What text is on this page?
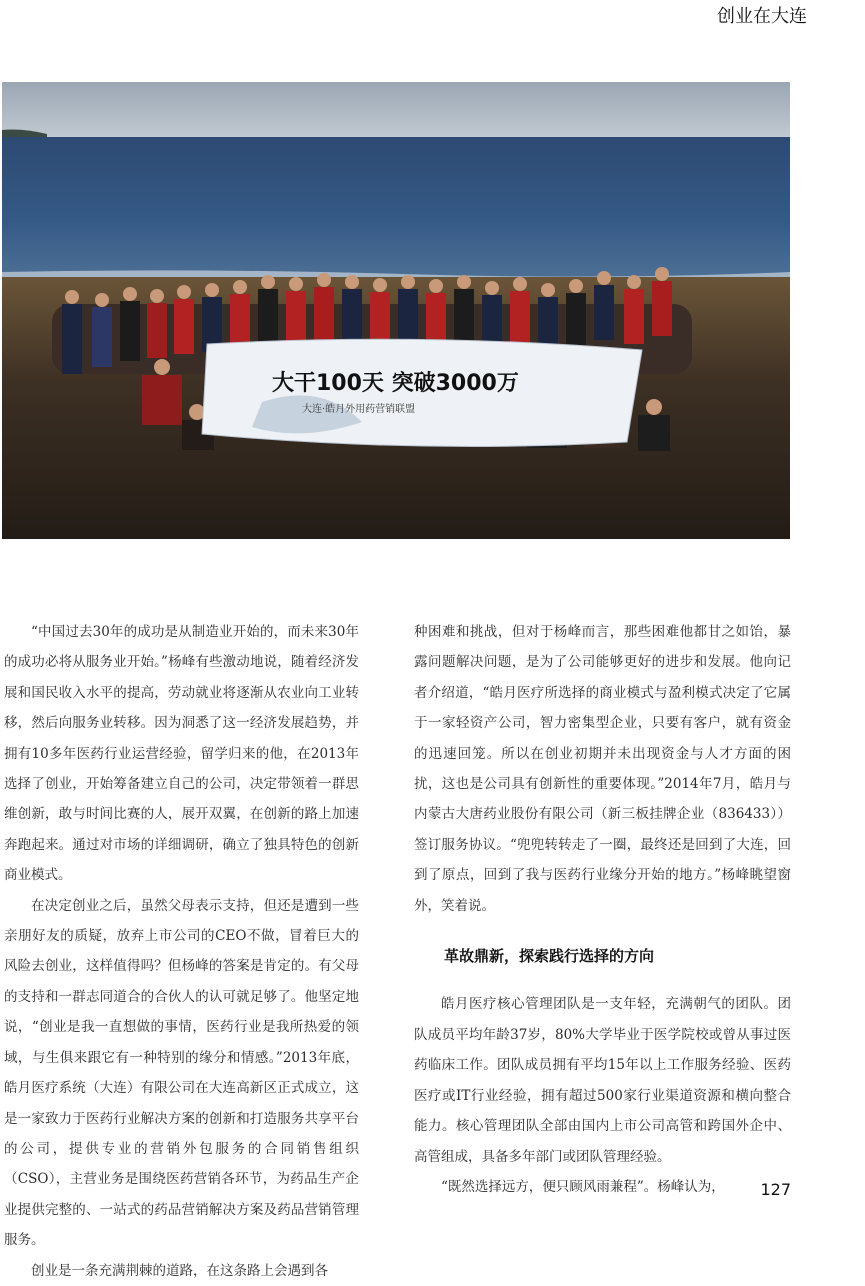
创业在大连
大干100天 突破3000万
大连·皓月外用药营销联盟

“中国过去30年的成功是从制造业开始的，而未来30年的成功必将从服务业开始。”杨峰有些激动地说，随着经济发展和国民收入水平的提高，劳动就业将逐渐从农业向工业转移，然后向服务业转移。因为洞悉了这一经济发展趋势，并拥有10多年医药行业运营经验，留学归来的他，在2013年选择了创业，开始筹备建立自己的公司，决定带领着一群思维创新，敢与时间比赛的人，展开双翼，在创新的路上加速奔跑起来。通过对市场的详细调研，确立了独具特色的创新商业模式。

在决定创业之后，虽然父母表示支持，但还是遭到一些亲朋好友的质疑，放弃上市公司的CEO不做，冒着巨大的风险去创业，这样值得吗？但杨峰的答案是肯定的。有父母的支持和一群志同道合的合伙人的认可就足够了。他坚定地说，“创业是我一直想做的事情，医药行业是我所热爱的领域，与生俱来跟它有一种特别的缘分和情感。”2013年底，皓月医疗系统（大连）有限公司在大连高新区正式成立，这是一家致力于医药行业解决方案的创新和打造服务共享平台的公司，提供专业的营销外包服务的合同销售组织（CSO），主营业务是围绕医药营销各环节，为药品生产企业提供完整的、一站式的药品营销解决方案及药品营销管理服务。

创业是一条充满荆棘的道路，在这条路上会遇到各

种困难和挑战，但对于杨峰而言，那些困难他都甘之如饴，暴露问题解决问题，是为了公司能够更好的进步和发展。他向记者介绍道，“皓月医疗所选择的商业模式与盈利模式决定了它属于一家轻资产公司，智力密集型企业，只要有客户，就有资金的迅速回笼。所以在创业初期并未出现资金与人才方面的困扰，这也是公司具有创新性的重要体现。”2014年7月，皓月与内蒙古大唐药业股份有限公司（新三板挂牌企业（836433））签订服务协议。“兜兜转转走了一圈，最终还是回到了大连，回到了原点，回到了我与医药行业缘分开始的地方。”杨峰眺望窗外，笑着说。

革故鼎新，探索践行选择的方向

皓月医疗核心管理团队是一支年轻，充满朝气的团队。团队成员平均年龄37岁，80%大学毕业于医学院校或曾从事过医药临床工作。团队成员拥有平均15年以上工作服务经验、医药医疗或IT行业经验，拥有超过500家行业渠道资源和横向整合能力。核心管理团队全部由国内上市公司高管和跨国外企中、高管组成，具备多年部门或团队管理经验。

“既然选择远方，便只顾风雨兼程”。杨峰认为，	127
